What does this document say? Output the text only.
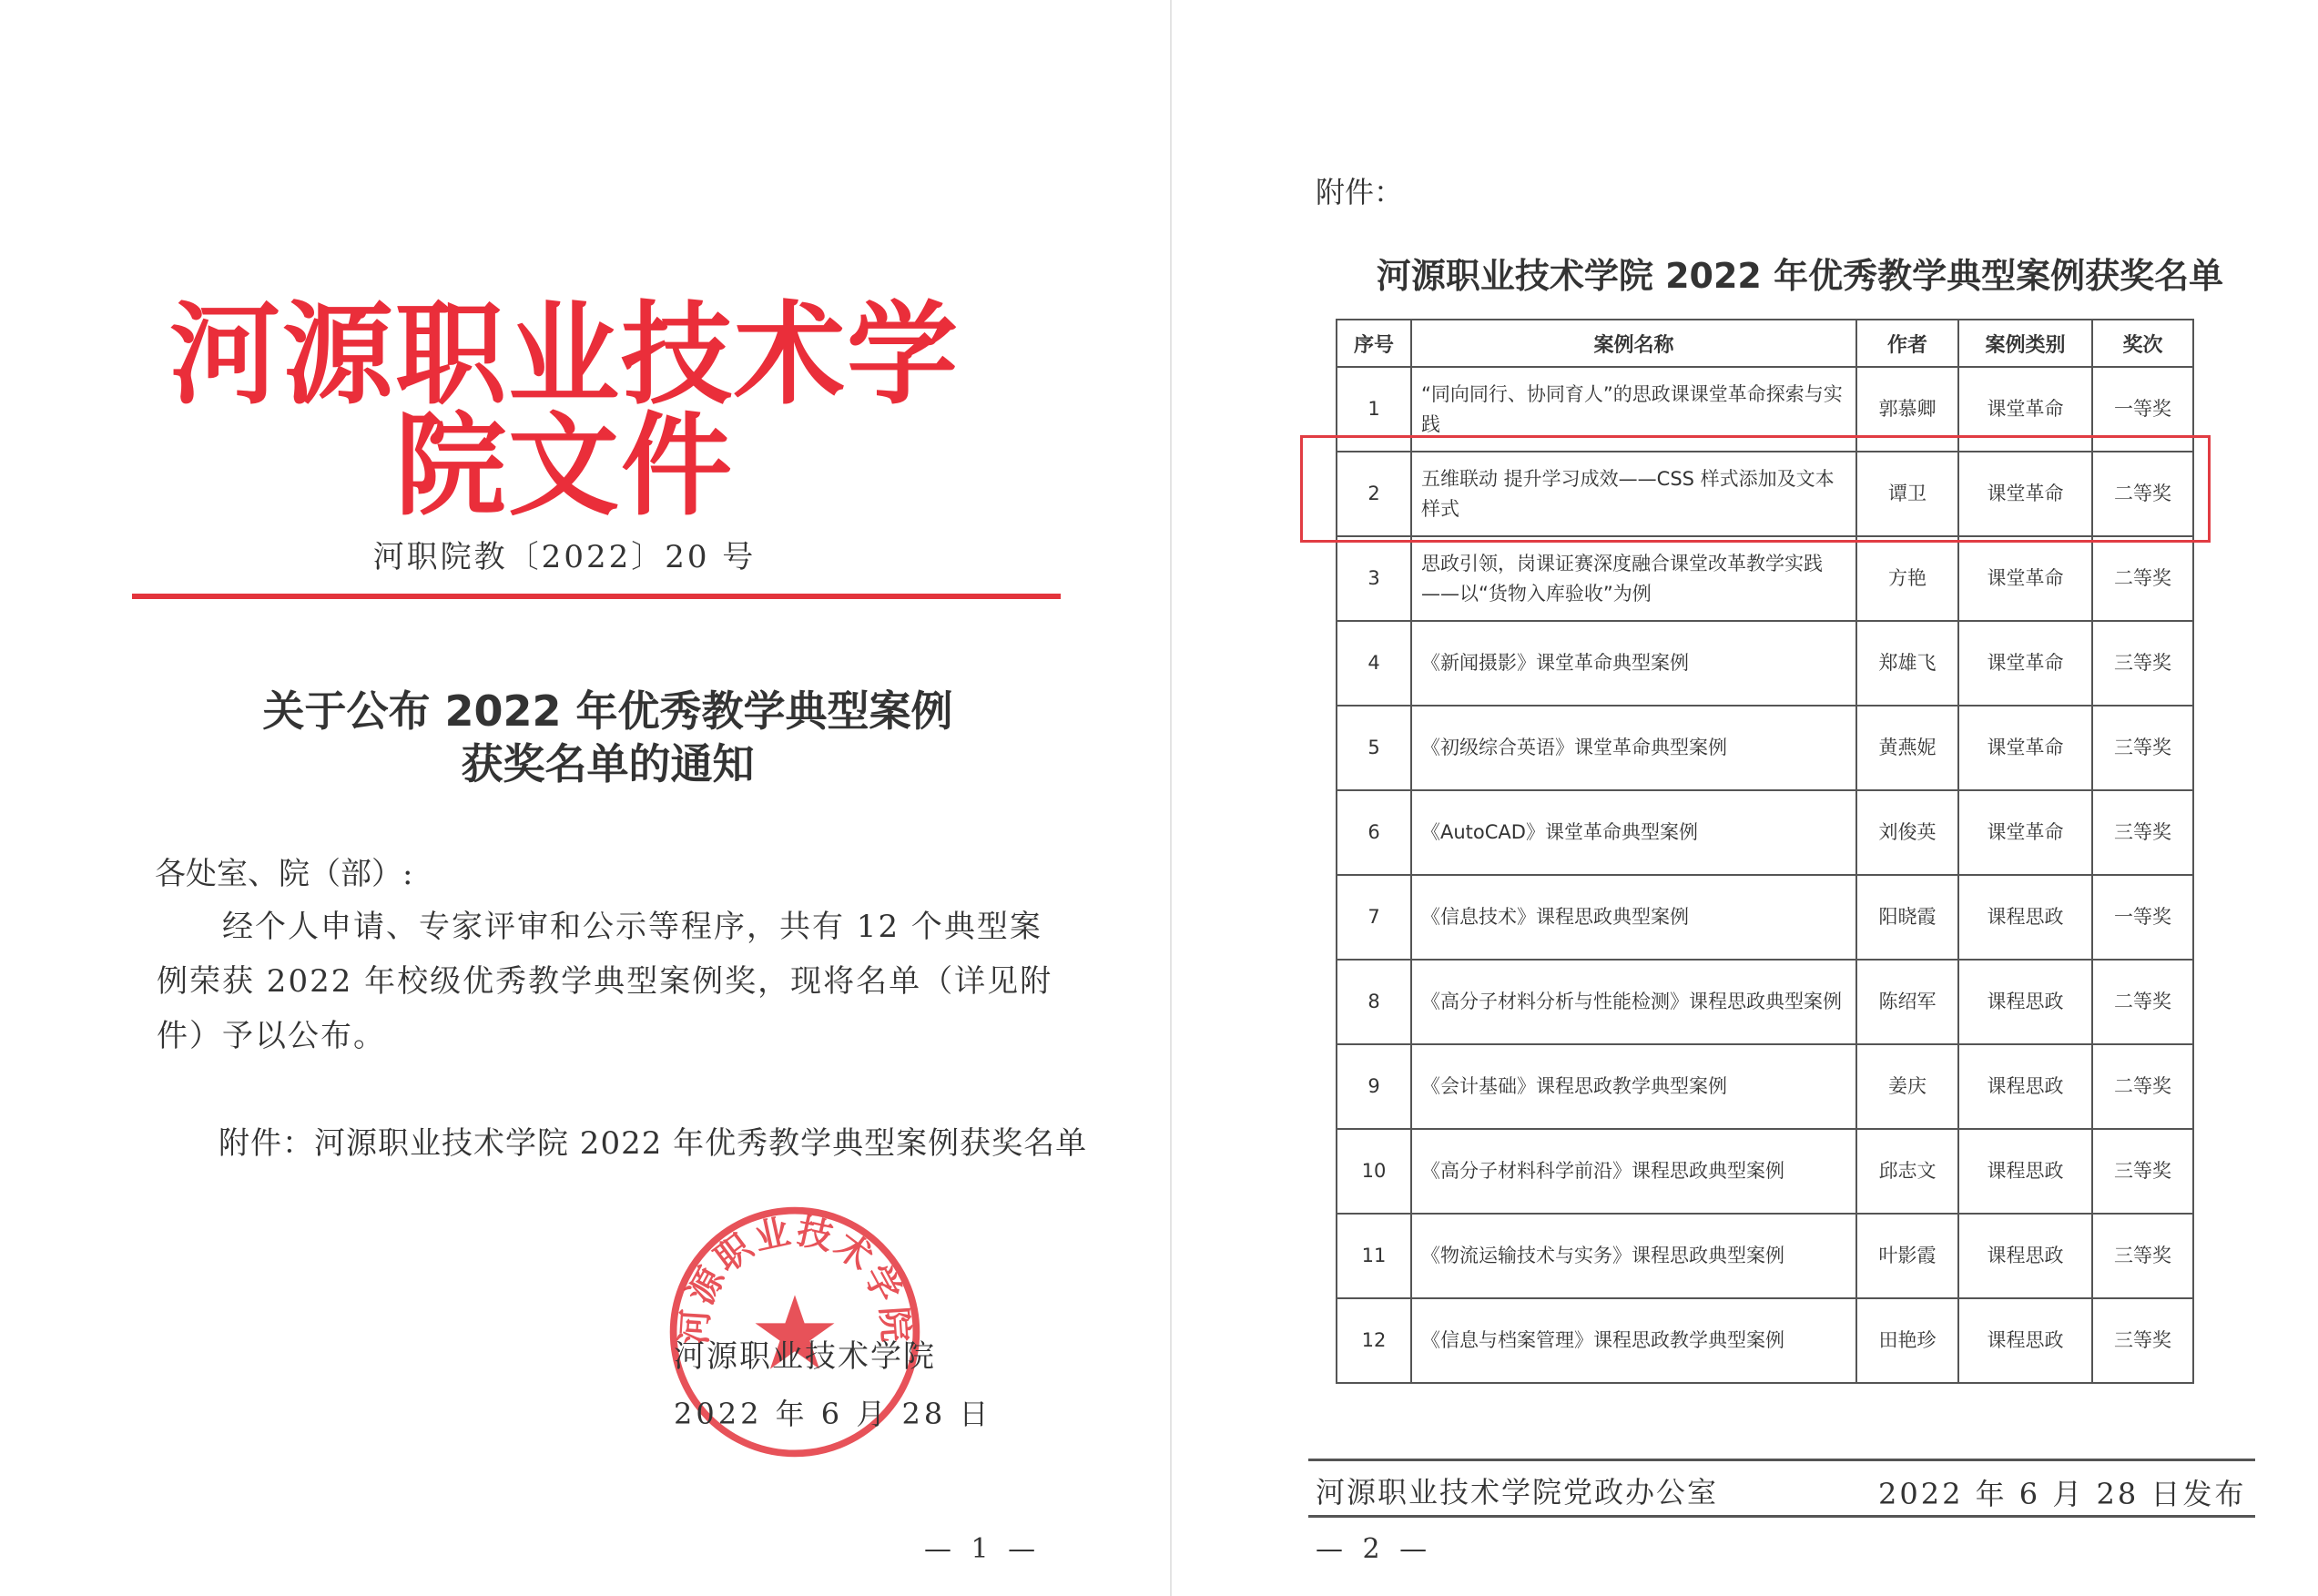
河源职业技术学院文件
河职院教〔2022〕20 号
关于公布 2022 年优秀教学典型案例
获奖名单的通知
各处室、院（部）:
经个人申请、专家评审和公示等程序，共有 12 个典型案例荣获 2022 年校级优秀教学典型案例奖，现将名单（详见附件）予以公布。
附件：河源职业技术学院 2022 年优秀教学典型案例获奖名单
河源职业技术学院
河源职业技术学院
2022 年 6 月 28 日
— 1 —
附件：
河源职业技术学院 2022 年优秀教学典型案例获奖名单
序号	案例名称	作者	案例类别	奖次
1	“同向同行、协同育人”的思政课课堂革命探索与实践	郭慕卿	课堂革命	一等奖
2	五维联动 提升学习成效——CSS 样式添加及文本样式	谭卫	课堂革命	二等奖
3	思政引领，岗课证赛深度融合课堂改革教学实践——以“货物入库验收”为例	方艳	课堂革命	二等奖
4	《新闻摄影》课堂革命典型案例	郑雄飞	课堂革命	三等奖
5	《初级综合英语》课堂革命典型案例	黄燕妮	课堂革命	三等奖
6	《AutoCAD》课堂革命典型案例	刘俊英	课堂革命	三等奖
7	《信息技术》课程思政典型案例	阳晓霞	课程思政	一等奖
8	《高分子材料分析与性能检测》课程思政典型案例	陈绍军	课程思政	二等奖
9	《会计基础》课程思政教学典型案例	姜庆	课程思政	二等奖
10	《高分子材料科学前沿》课程思政典型案例	邱志文	课程思政	三等奖
11	《物流运输技术与实务》课程思政典型案例	叶影霞	课程思政	三等奖
12	《信息与档案管理》课程思政教学典型案例	田艳珍	课程思政	三等奖
河源职业技术学院党政办公室	2022 年 6 月 28 日发布
— 2 —
